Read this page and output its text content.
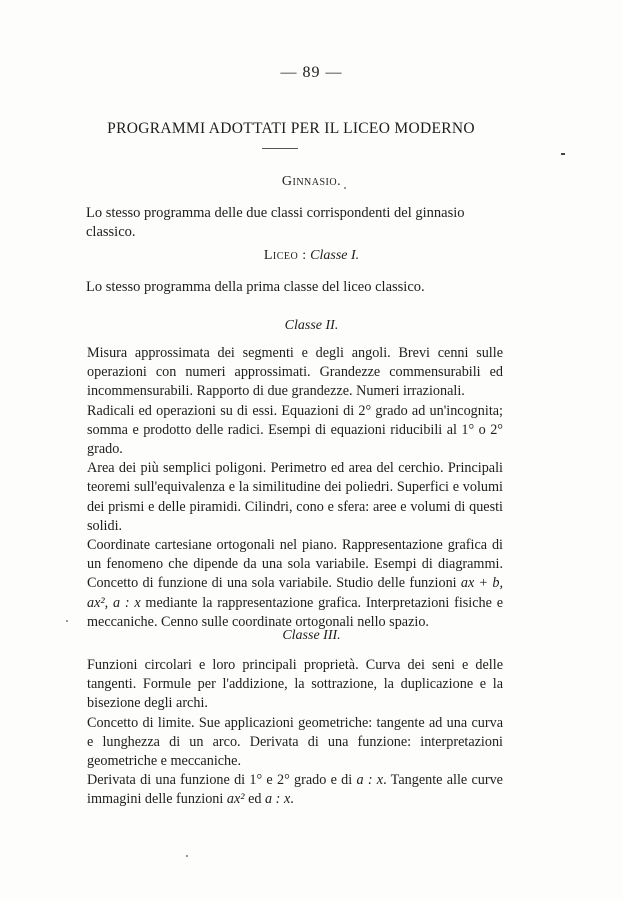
— 89 —
PROGRAMMI ADOTTATI PER IL LICEO MODERNO
Ginnasio.
Lo stesso programma delle due classi corrispondenti del ginnasio classico.
Liceo : Classe I.
Lo stesso programma della prima classe del liceo classico.
Classe II.

Misura approssimata dei segmenti e degli angoli. Brevi cenni sulle operazioni con numeri approssimati. Grandezze commensurabili ed incommensurabili. Rapporto di due grandezze. Numeri irrazionali.

Radicali ed operazioni su di essi. Equazioni di 2° grado ad un'incognita; somma e prodotto delle radici. Esempi di equazioni riducibili al 1° o 2° grado.

Area dei più semplici poligoni. Perimetro ed area del cerchio. Principali teoremi sull'equivalenza e la similitudine dei poliedri. Superfici e volumi dei prismi e delle piramidi. Cilindri, cono e sfera: aree e volumi di questi solidi.

Coordinate cartesiane ortogonali nel piano. Rappresentazione grafica di un fenomeno che dipende da una sola variabile. Esempi di diagrammi. Concetto di funzione di una sola variabile. Studio delle funzioni ax + b, ax², a : x mediante la rappresentazione grafica. Interpretazioni fisiche e meccaniche. Cenno sulle coordinate ortogonali nello spazio.

Classe III.

Funzioni circolari e loro principali proprietà. Curva dei seni e delle tangenti. Formule per l'addizione, la sottrazione, la duplicazione e la bisezione degli archi.

Concetto di limite. Sue applicazioni geometriche: tangente ad una curva e lunghezza di un arco. Derivata di una funzione: interpretazioni geometriche e meccaniche.

Derivata di una funzione di 1° e 2° grado e di a : x. Tangente alle curve immagini delle funzioni ax² ed a : x.
